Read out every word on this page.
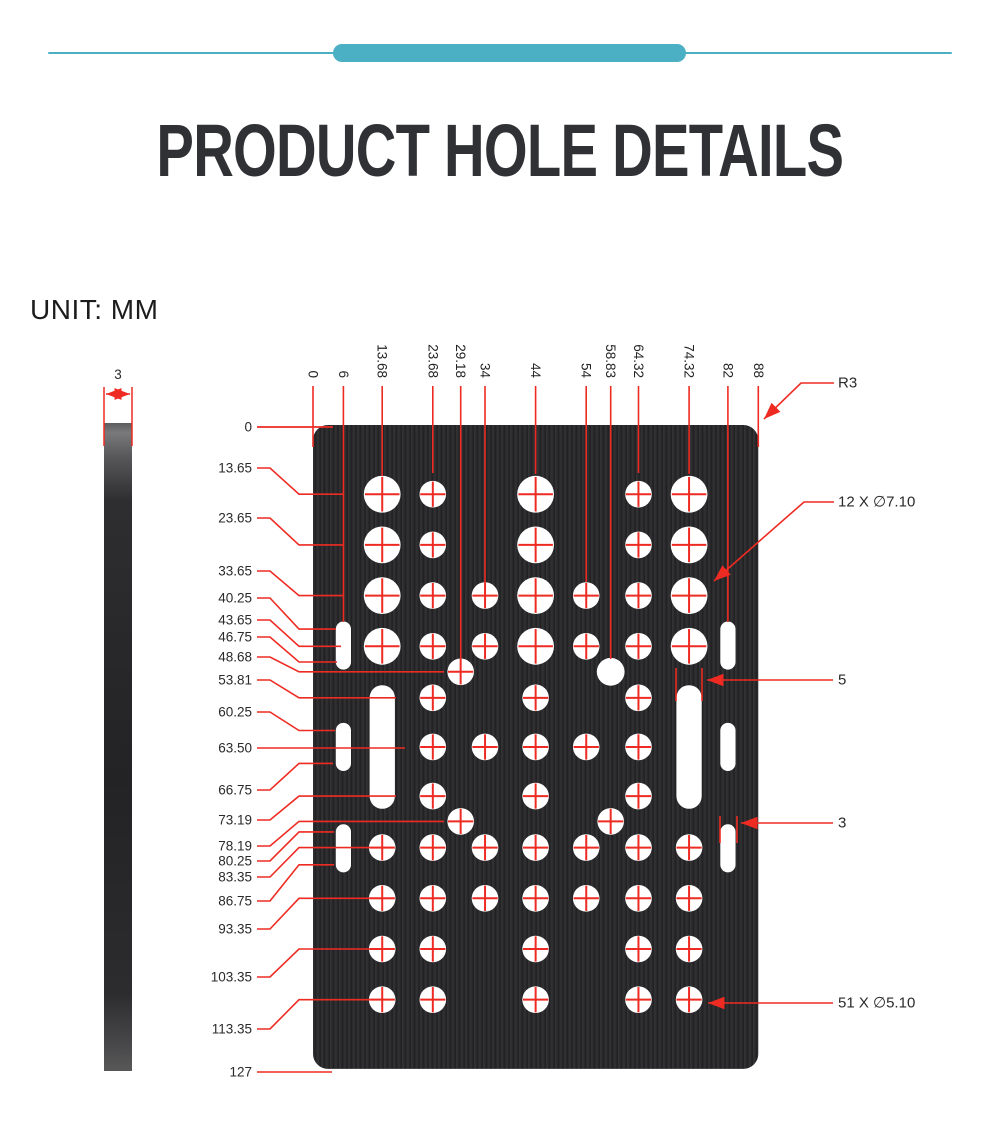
PRODUCT HOLE DETAILS
UNIT: MM
3	0 6 13.68	23.68 29.18 34	44	54 58.83 64.32	74.32 82 88
0
13.65
23.65
33.65
40.25
43.65
46.75
48.68
53.81
60.25
63.50
66.75
73.19
78.19
80.25
83.35
86.75
93.35
103.35
113.35
127
R3
12 X ∅7.10
5
3
51 X ∅5.10
